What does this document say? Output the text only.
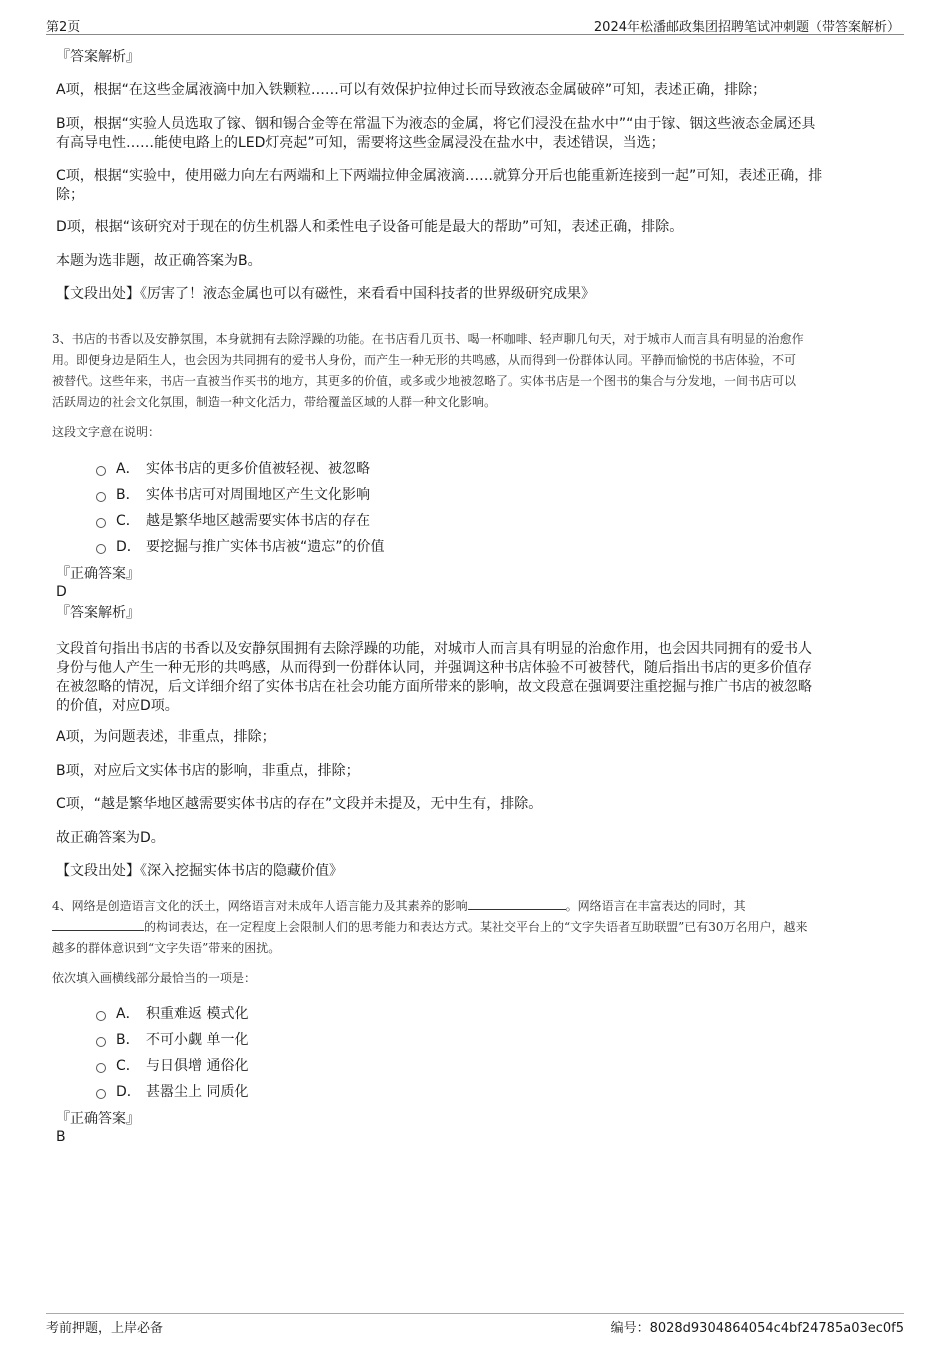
第2页	2024年松潘邮政集团招聘笔试冲刺题（带答案解析）
『答案解析』
A项，根据“在这些金属液滴中加入铁颗粒……可以有效保护拉伸过长而导致液态金属破碎”可知，表述正确，排除；
B项，根据“实验人员选取了镓、铟和锡合金等在常温下为液态的金属，将它们浸没在盐水中”“由于镓、铟这些液态金属还具
有高导电性……能使电路上的LED灯亮起”可知，需要将这些金属浸没在盐水中，表述错误，当选；
C项，根据“实验中，使用磁力向左右两端和上下两端拉伸金属液滴……就算分开后也能重新连接到一起”可知，表述正确，排
除；
D项，根据“该研究对于现在的仿生机器人和柔性电子设备可能是最大的帮助”可知，表述正确，排除。
本题为选非题，故正确答案为B。
【文段出处】《厉害了！液态金属也可以有磁性，来看看中国科技者的世界级研究成果》
3、书店的书香以及安静氛围，本身就拥有去除浮躁的功能。在书店看几页书、喝一杯咖啡、轻声聊几句天，对于城市人而言具有明显的治愈作
用。即便身边是陌生人，也会因为共同拥有的爱书人身份，而产生一种无形的共鸣感，从而得到一份群体认同。平静而愉悦的书店体验，不可
被替代。这些年来，书店一直被当作买书的地方，其更多的价值，或多或少地被忽略了。实体书店是一个图书的集合与分发地，一间书店可以
活跃周边的社会文化氛围，制造一种文化活力，带给覆盖区域的人群一种文化影响。
这段文字意在说明：
A． 实体书店的更多价值被轻视、被忽略
B． 实体书店可对周围地区产生文化影响
C． 越是繁华地区越需要实体书店的存在
D． 要挖掘与推广实体书店被“遗忘”的价值
『正确答案』
D
『答案解析』
文段首句指出书店的书香以及安静氛围拥有去除浮躁的功能，对城市人而言具有明显的治愈作用，也会因共同拥有的爱书人
身份与他人产生一种无形的共鸣感，从而得到一份群体认同，并强调这种书店体验不可被替代，随后指出书店的更多价值存
在被忽略的情况，后文详细介绍了实体书店在社会功能方面所带来的影响，故文段意在强调要注重挖掘与推广书店的被忽略
的价值，对应D项。
A项，为问题表述，非重点，排除；
B项，对应后文实体书店的影响，非重点，排除；
C项，“越是繁华地区越需要实体书店的存在”文段并未提及，无中生有，排除。
故正确答案为D。
【文段出处】《深入挖掘实体书店的隐藏价值》
4、网络是创造语言文化的沃土，网络语言对未成年人语言能力及其素养的影响	。网络语言在丰富表达的同时，其
的构词表达，在一定程度上会限制人们的思考能力和表达方式。某社交平台上的“文字失语者互助联盟”已有30万名用户，越来
越多的群体意识到“文字失语”带来的困扰。
依次填入画横线部分最恰当的一项是：
A． 积重难返 模式化
B． 不可小觑 单一化
C． 与日俱增 通俗化
D． 甚嚣尘上 同质化
『正确答案』
B
考前押题，上岸必备	编号：8028d9304864054c4bf24785a03ec0f5
